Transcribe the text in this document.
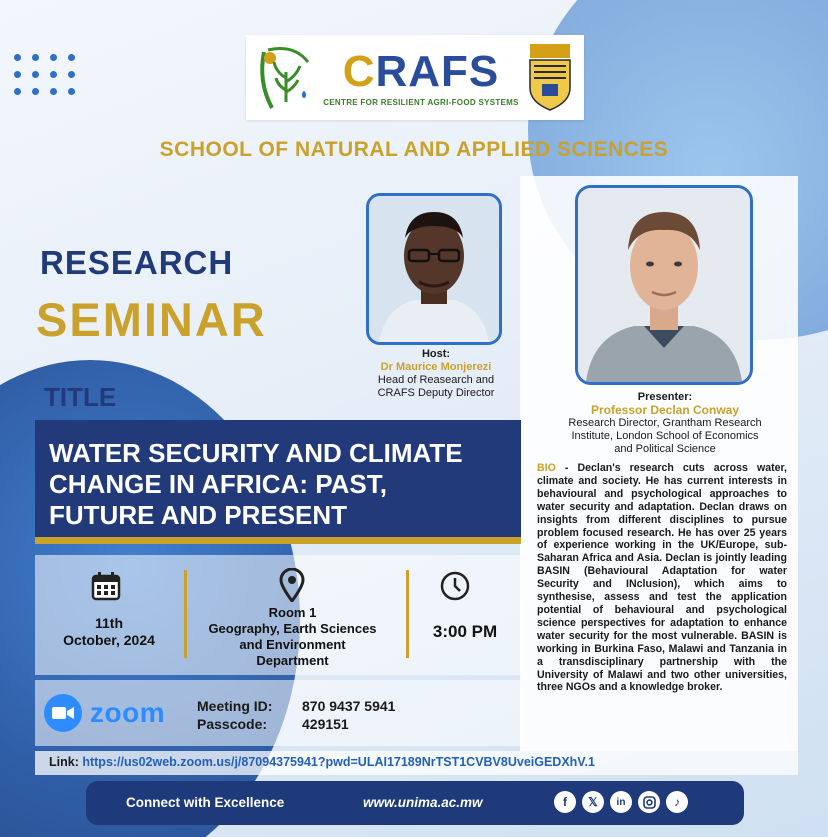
CRAFS
CENTRE FOR RESILIENT AGRI-FOOD SYSTEMS
SCHOOL OF NATURAL AND APPLIED SCIENCES
RESEARCH
SEMINAR
TITLE
Host:
Dr Maurice Monjerezi
Head of Reasearch and
CRAFS Deputy Director	Presenter:
Professor Declan Conway
Research Director, Grantham Research
Institute, London School of Economics
and Political Science
BIO - Declan's research cuts across water, climate and society. He has current interests in behavioural and psychological approaches to water security and adaptation. Declan draws on insights from different disciplines to pursue problem focused research. He has over 25 years of experience working in the UK/Europe, sub-Saharan Africa and Asia. Declan is jointly leading BASIN (Behavioural Adaptation for water Security and INclusion), which aims to synthesise, assess and test the application potential of behavioural and psychological science perspectives for adaptation to enhance water security for the most vulnerable. BASIN is working in Burkina Faso, Malawi and Tanzania in a transdisciplinary partnership with the University of Malawi and two other universities, three NGOs and a knowledge broker.
WATER SECURITY AND CLIMATE
CHANGE IN AFRICA: PAST,
FUTURE AND PRESENT
11th
October, 2024
Room 1
Geography, Earth Sciences
and Environment
Department
3:00 PM
zoom Meeting ID: 870 9437 5941
Passcode: 429151
Link: https://us02web.zoom.us/j/87094375941?pwd=ULAI17189NrTST1CVBV8UveiGEDXhV.1
Connect with Excellence	www.unima.ac.mw	f	𝕏	in	♪
